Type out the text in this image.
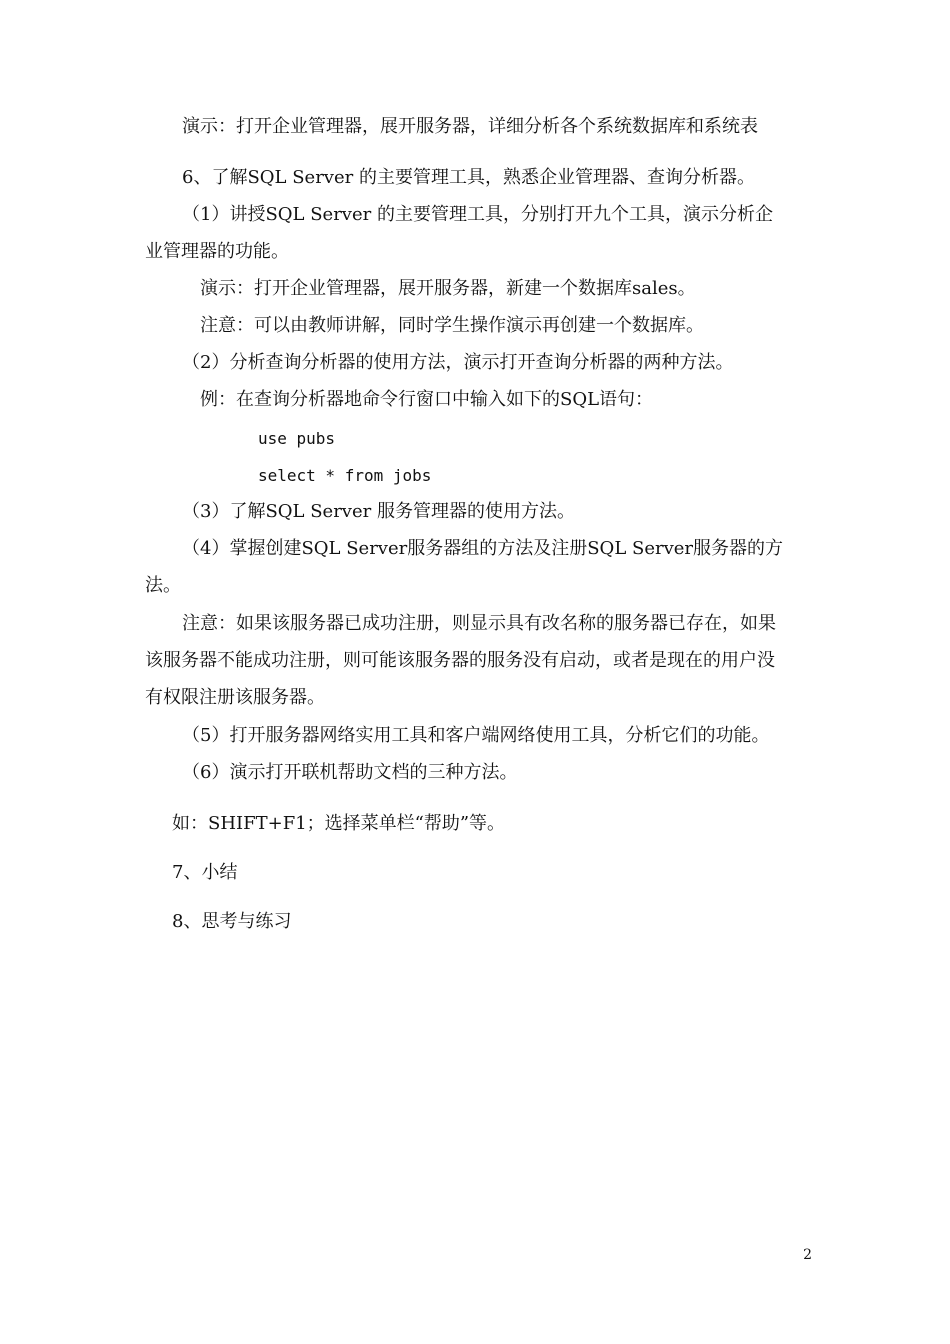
演示：打开企业管理器，展开服务器，详细分析各个系统数据库和系统表
6、了解SQL Server 的主要管理工具，熟悉企业管理器、查询分析器。
（1）讲授SQL Server 的主要管理工具，分别打开九个工具，演示分析企
业管理器的功能。
演示：打开企业管理器，展开服务器，新建一个数据库sales。
注意：可以由教师讲解，同时学生操作演示再创建一个数据库。
（2）分析查询分析器的使用方法，演示打开查询分析器的两种方法。
例：在查询分析器地命令行窗口中输入如下的SQL语句：
use pubs
select * from jobs
（3）了解SQL Server 服务管理器的使用方法。
（4）掌握创建SQL Server服务器组的方法及注册SQL Server服务器的方
法。
注意：如果该服务器已成功注册，则显示具有改名称的服务器已存在，如果
该服务器不能成功注册，则可能该服务器的服务没有启动，或者是现在的用户没
有权限注册该服务器。
（5）打开服务器网络实用工具和客户端网络使用工具，分析它们的功能。
（6）演示打开联机帮助文档的三种方法。
如：SHIFT+F1；选择菜单栏“帮助”等。
7、小结
8、思考与练习
2
